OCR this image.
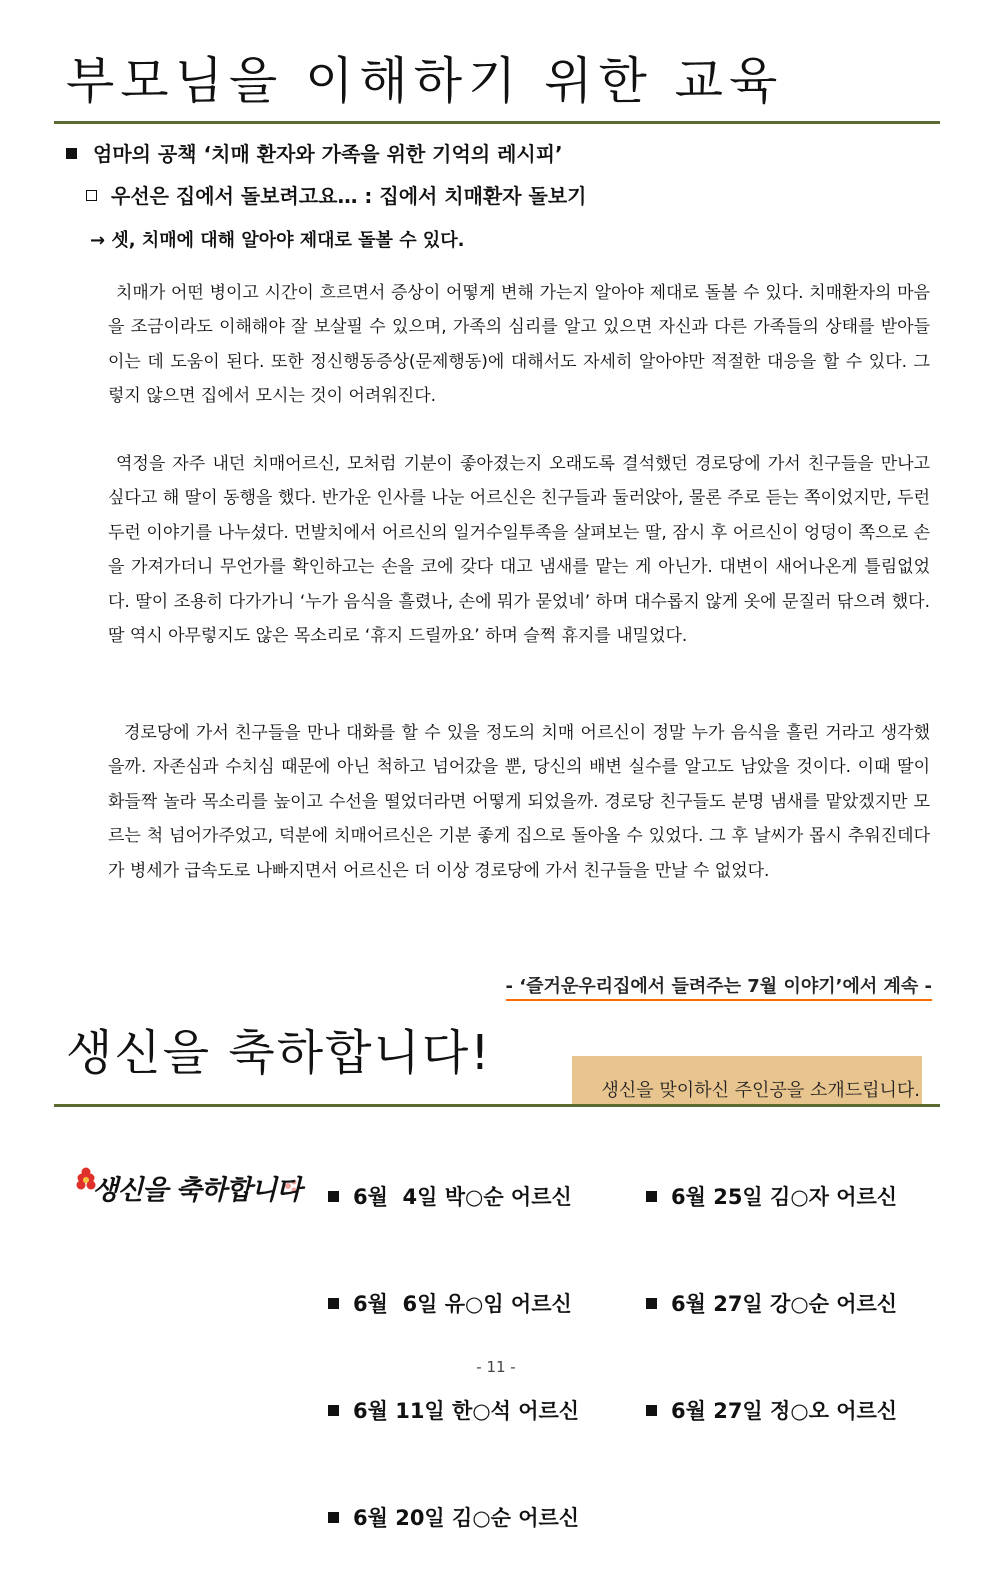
부모님을 이해하기 위한 교육
엄마의 공책 ‘치매 환자와 가족을 위한 기억의 레시피’
우선은 집에서 돌보려고요… : 집에서 치매환자 돌보기
→ 셋, 치매에 대해 알아야 제대로 돌볼 수 있다.

치매가 어떤 병이고 시간이 흐르면서 증상이 어떻게 변해 가는지 알아야 제대로 돌볼 수 있다. 치매환자의 마음을 조금이라도 이해해야 잘 보살필 수 있으며, 가족의 심리를 알고 있으면 자신과 다른 가족들의 상태를 받아들이는 데 도움이 된다. 또한 정신행동증상(문제행동)에 대해서도 자세히 알아야만 적절한 대응을 할 수 있다. 그렇지 않으면 집에서 모시는 것이 어려워진다.

역정을 자주 내던 치매어르신, 모처럼 기분이 좋아졌는지 오래도록 결석했던 경로당에 가서 친구들을 만나고 싶다고 해 딸이 동행을 했다. 반가운 인사를 나눈 어르신은 친구들과 둘러앉아, 물론 주로 듣는 쪽이었지만, 두런두런 이야기를 나누셨다. 먼발치에서 어르신의 일거수일투족을 살펴보는 딸, 잠시 후 어르신이 엉덩이 쪽으로 손을 가져가더니 무언가를 확인하고는 손을 코에 갖다 대고 냄새를 맡는 게 아닌가. 대변이 새어나온게 틀림없었다. 딸이 조용히 다가가니 ‘누가 음식을 흘렸나, 손에 뭐가 묻었네’ 하며 대수롭지 않게 옷에 문질러 닦으려 했다. 딸 역시 아무렇지도 않은 목소리로 ‘휴지 드릴까요’ 하며 슬쩍 휴지를 내밀었다.

경로당에 가서 친구들을 만나 대화를 할 수 있을 정도의 치매 어르신이 정말 누가 음식을 흘린 거라고 생각했을까. 자존심과 수치심 때문에 아닌 척하고 넘어갔을 뿐, 당신의 배변 실수를 알고도 남았을 것이다. 이때 딸이 화들짝 놀라 목소리를 높이고 수선을 떨었더라면 어떻게 되었을까. 경로당 친구들도 분명 냄새를 맡았겠지만 모르는 척 넘어가주었고, 덕분에 치매어르신은 기분 좋게 집으로 돌아올 수 있었다. 그 후 날씨가 몹시 추워진데다가 병세가 급속도로 나빠지면서 어르신은 더 이상 경로당에 가서 친구들을 만날 수 없었다.

- ‘즐거운우리집에서 들려주는 7월 이야기’에서 계속 -
생신을 축하합니다!
생신을 맞이하신 주인공을 소개드립니다.
생신을 축하합니다

	6월  4일 박○순 어르신

6월  6일 유○임 어르신

6월 11일 한○석 어르신

6월 20일 김○순 어르신

6월 25일 김○자 어르신

6월 27일 강○순 어르신

6월 27일 정○오 어르신

- 11 -
